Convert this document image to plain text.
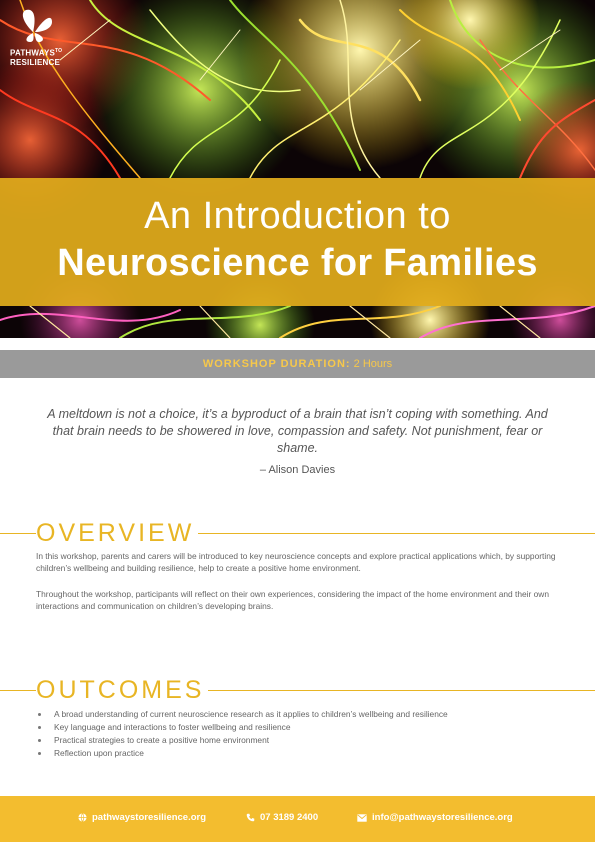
$PATHWAYS^{TO}$
RESILIENCE
An Introduction to
Neuroscience for Families
WORKSHOP DURATION: 2 Hours
A meltdown is not a choice, it’s a byproduct of a brain that isn’t coping with something. And that brain needs to be showered in love, compassion and safety. Not punishment, fear or shame.
– Alison Davies
OVERVIEW
In this workshop, parents and carers will be introduced to key neuroscience concepts and explore practical applications which, by supporting children’s wellbeing and building resilience, help to create a positive home environment.
Throughout the workshop, participants will reflect on their own experiences, considering the impact of the home environment and their own interactions and communication on children’s developing brains.
OUTCOMES
A broad understanding of current neuroscience research as it applies to children’s wellbeing and resilience
Key language and interactions to foster wellbeing and resilience
Practical strategies to create a positive home environment
Reflection upon practice
pathwaystoresilience.org	07 3189 2400	info@pathwaystoresilience.org
